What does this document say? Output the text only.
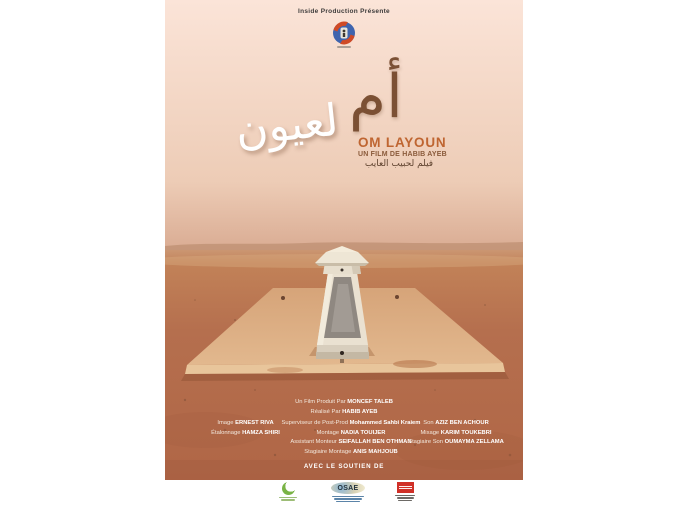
Inside Production Présente
أم
لعيون	OM LAYOUN
UN FILM DE HABIB AYEB
فيلم لحبيب العايب
Un Film Produit Par MONCEF TALEB
Réalisé Par HABIB AYEB
Image ERNEST RIVA
Étalonnage HAMZA SHIRI
Superviseur de Post-Prod Mohammed Sahbi Kraiem
Montage NADIA TOUIJER
Assistant Monteur SEIFALLAH BEN OTHMAN
Stagiaire Montage ANIS MAHJOUB
Son AZIZ BEN ACHOUR
Mixage KARIM TOUKEBRI
Stagiaire Son OUMAYMA ZELLAMA
AVEC LE SOUTIEN DE
OSAE
